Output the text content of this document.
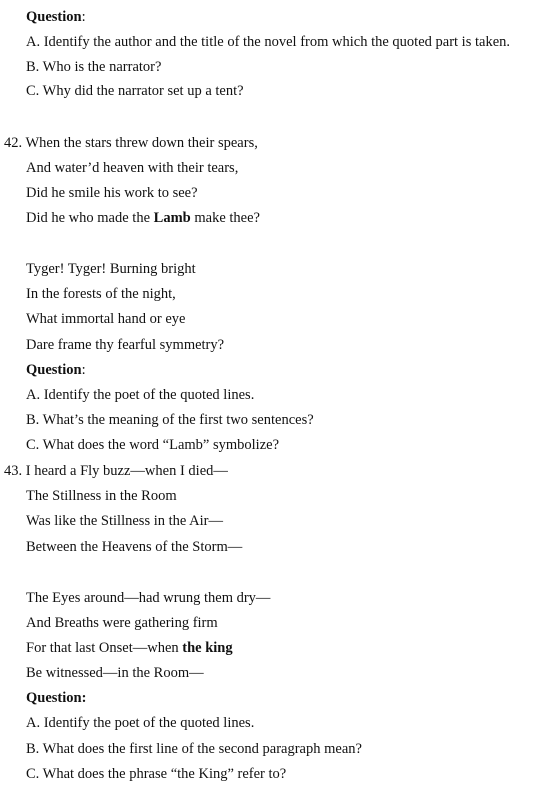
Question:
A. Identify the author and the title of the novel from which the quoted part is taken.
B. Who is the narrator?
C. Why did the narrator set up a tent?
42. When the stars threw down their spears,
And water’d heaven with their tears,
Did he smile his work to see?
Did he who made the Lamb make thee?
Tyger! Tyger! Burning bright
In the forests of the night,
What immortal hand or eye
Dare frame thy fearful symmetry?
Question:
A. Identify the poet of the quoted lines.
B. What’s the meaning of the first two sentences?
C. What does the word “Lamb” symbolize?
43. I heard a Fly buzz—when I died—
The Stillness in the Room
Was like the Stillness in the Air—
Between the Heavens of the Storm—
The Eyes around—had wrung them dry—
And Breaths were gathering firm
For that last Onset—when the king
Be witnessed—in the Room—
Question:
A. Identify the poet of the quoted lines.
B. What does the first line of the second paragraph mean?
C. What does the phrase “the King” refer to?
